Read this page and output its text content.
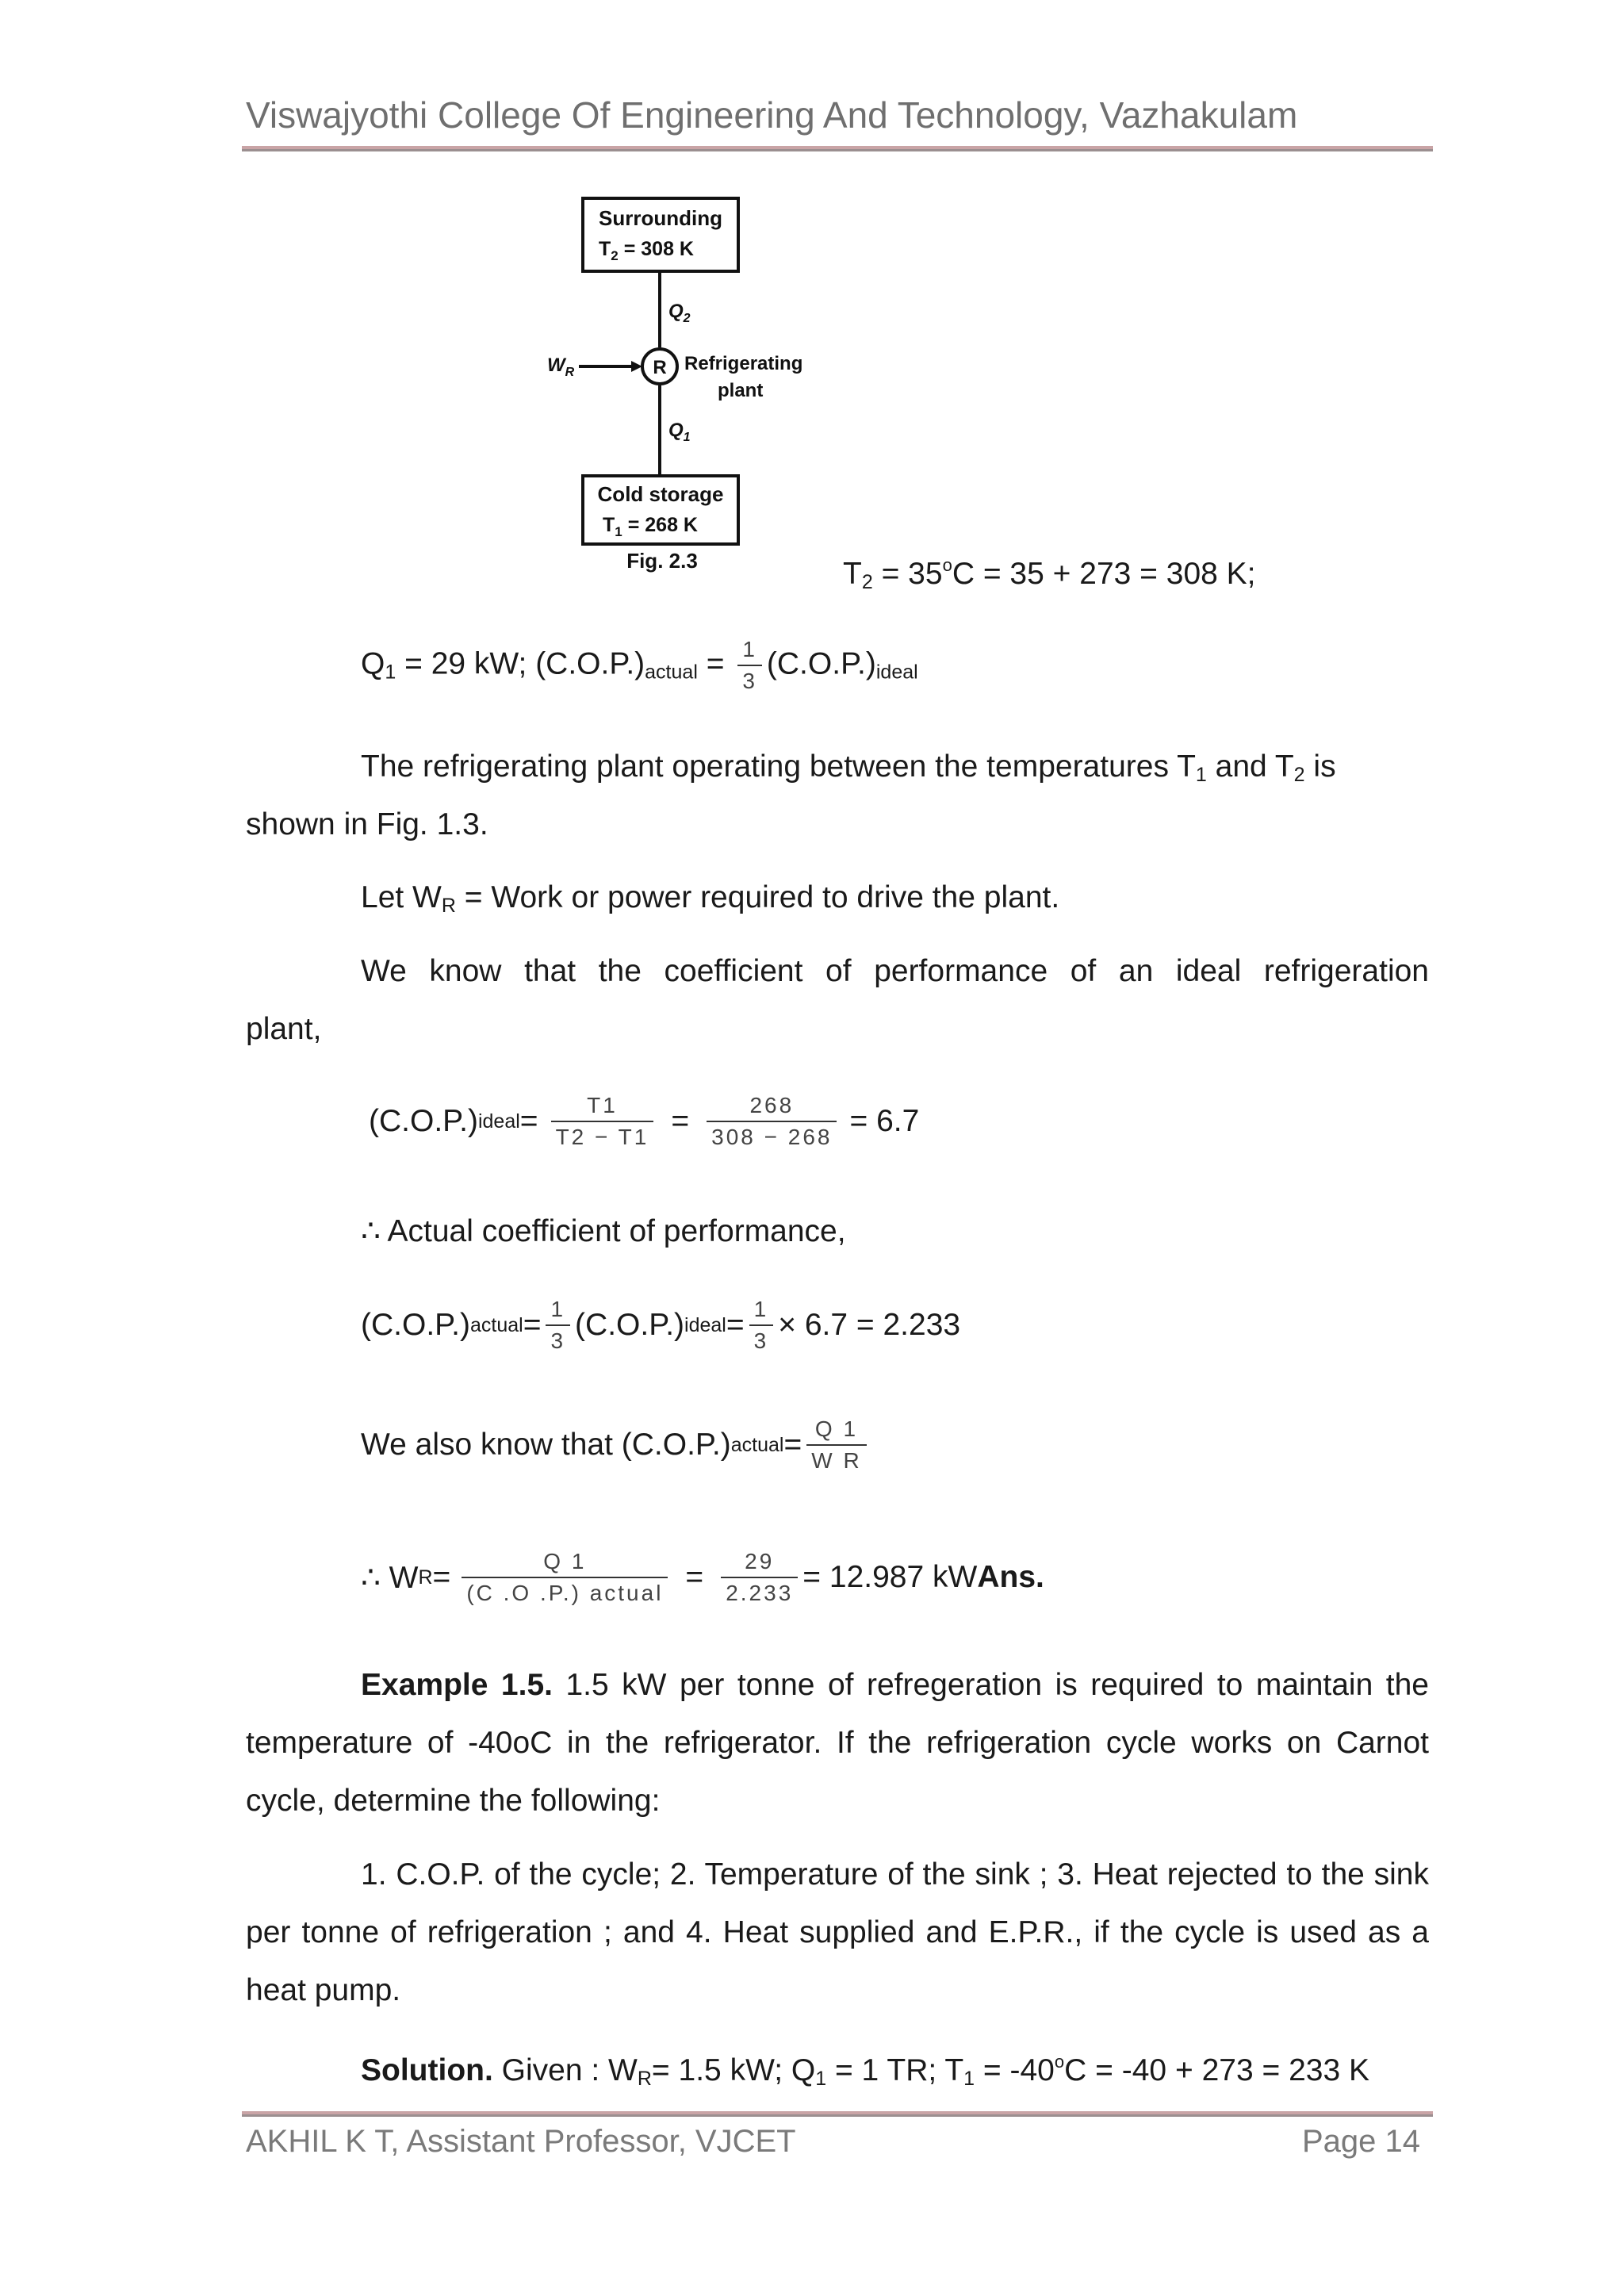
Viswajyothi College Of Engineering And Technology, Vazhakulam
Surrounding
$T_2 = 308$ K
$Q_2$
R
$W_R$	Refrigerating
plant
$Q_1$
Cold storage
$T_1 = 268$ K
Fig. 2.3	$T_2 = 35^oC = 35 + 273 = 308$ K;
$Q_1 = 29$ kW; $(C.O.P.)_{actual} = \frac{1}{3} (C.O.P.)_{ideal}$
The refrigerating plant operating between the temperatures $T_1$ and $T_2$ is
shown in Fig. 1.3.
Let $W_R$ = Work or power required to drive the plant.
We know that the coefficient of performance of an ideal refrigeration
plant,
(C.O.P.) ideal = $\frac{T1}{T2 - T1} = \frac{268}{308 - 268} = 6.7$
∴ Actual coefficient of performance,
(C.O.P.) actual = $\frac{1}{3} (C.O.P.)$ ideal = $\frac{1}{3} \times 6.7 = 2.233$
We also know that (C.O.P.) actual = $\frac{Q 1}{\text{W R}}$
∴ W $R = \frac{Q 1}{\text{(C .O .P.) actual}} = \frac{29}{2.233} = 12.987$ kW Ans.
Example 1.5. 1.5 kW per tonne of refregeration is required to maintain the temperature of -40oC in the refrigerator. If the refrigeration cycle works on Carnot cycle, determine the following:
1. C.O.P. of the cycle; 2. Temperature of the sink ; 3. Heat rejected to the sink per tonne of refrigeration ; and 4. Heat supplied and E.P.R., if the cycle is used as a heat pump.
Solution. Given : $W_R= 1.5$ kW; $Q_1 = 1$ TR; $T_1 = -40^oC = -40 + 273 = 233$ K
AKHIL K T, Assistant Professor, VJCET	Page 14
